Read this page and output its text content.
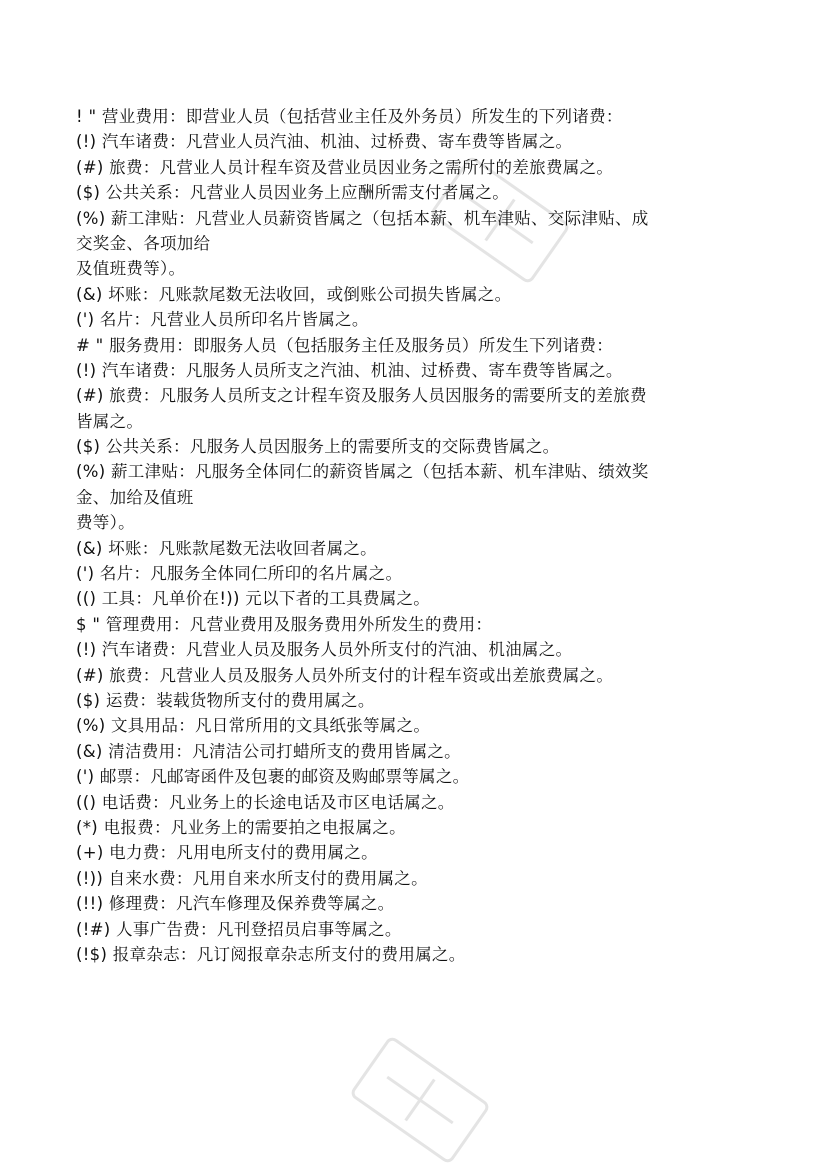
! " 营业费用：即营业人员（包括营业主任及外务员）所发生的下列诸费：
(!) 汽车诸费：凡营业人员汽油、机油、过桥费、寄车费等皆属之。
(#) 旅费：凡营业人员计程车资及营业员因业务之需所付的差旅费属之。
($) 公共关系：凡营业人员因业务上应酬所需支付者属之。
(%) 薪工津贴：凡营业人员薪资皆属之（包括本薪、机车津贴、交际津贴、成
交奖金、各项加给
及值班费等）。
(&) 坏账：凡账款尾数无法收回，或倒账公司损失皆属之。
(') 名片：凡营业人员所印名片皆属之。
# " 服务费用：即服务人员（包括服务主任及服务员）所发生下列诸费：
(!) 汽车诸费：凡服务人员所支之汽油、机油、过桥费、寄车费等皆属之。
(#) 旅费：凡服务人员所支之计程车资及服务人员因服务的需要所支的差旅费
皆属之。
($) 公共关系：凡服务人员因服务上的需要所支的交际费皆属之。
(%) 薪工津贴：凡服务全体同仁的薪资皆属之（包括本薪、机车津贴、绩效奖
金、加给及值班
费等）。
(&) 坏账：凡账款尾数无法收回者属之。
(') 名片：凡服务全体同仁所印的名片属之。
(() 工具：凡单价在!)) 元以下者的工具费属之。
$ " 管理费用：凡营业费用及服务费用外所发生的费用：
(!) 汽车诸费：凡营业人员及服务人员外所支付的汽油、机油属之。
(#) 旅费：凡营业人员及服务人员外所支付的计程车资或出差旅费属之。
($) 运费：装载货物所支付的费用属之。
(%) 文具用品：凡日常所用的文具纸张等属之。
(&) 清洁费用：凡清洁公司打蜡所支的费用皆属之。
(') 邮票：凡邮寄函件及包裹的邮资及购邮票等属之。
(() 电话费：凡业务上的长途电话及市区电话属之。
(*) 电报费：凡业务上的需要拍之电报属之。
(+) 电力费：凡用电所支付的费用属之。
(!)) 自来水费：凡用自来水所支付的费用属之。
(!!) 修理费：凡汽车修理及保养费等属之。
(!#) 人事广告费：凡刊登招员启事等属之。
(!$) 报章杂志：凡订阅报章杂志所支付的费用属之。
